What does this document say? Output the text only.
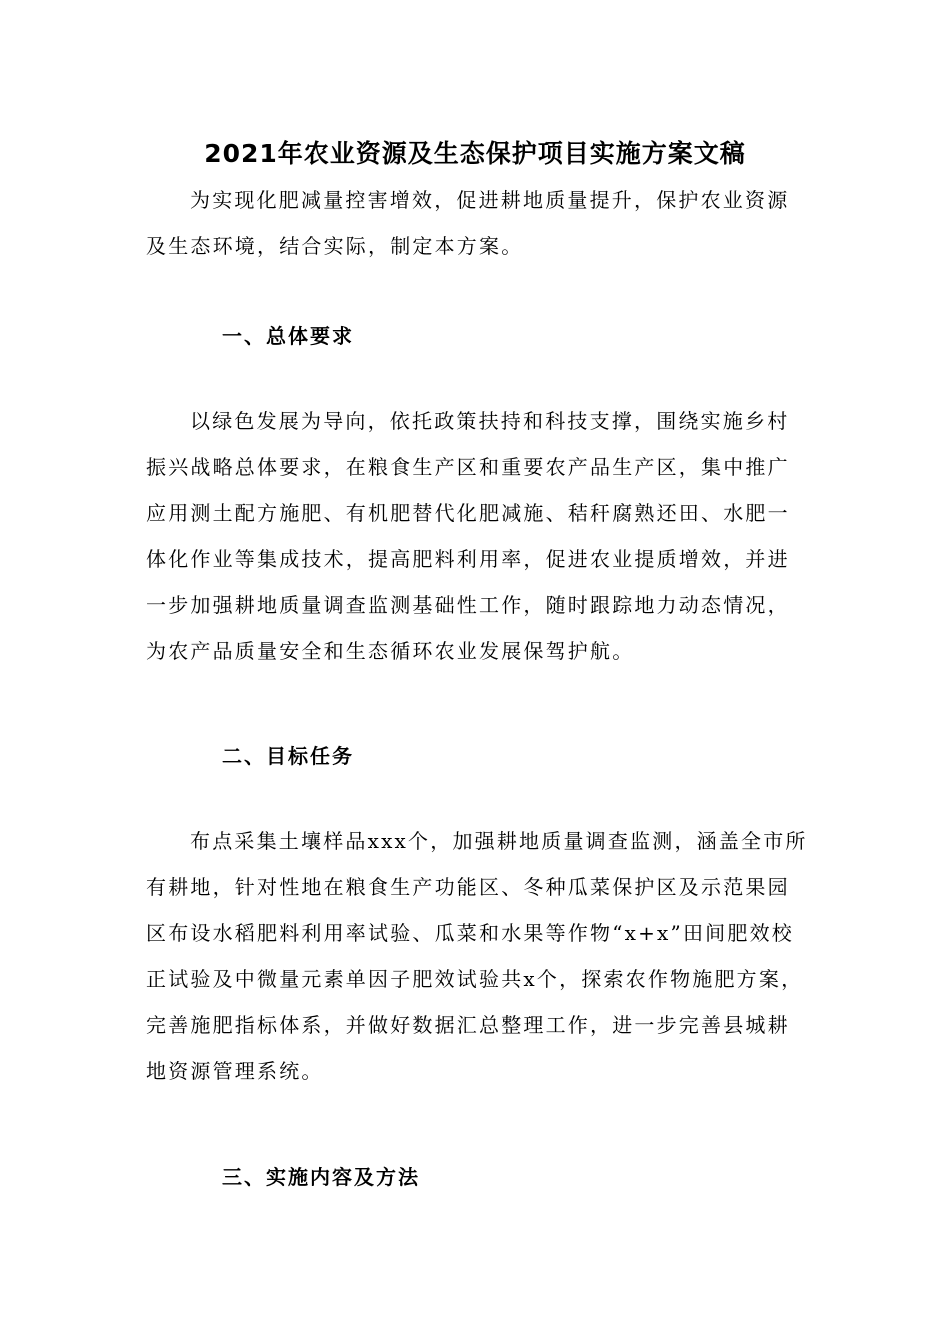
2021年农业资源及生态保护项目实施方案文稿

为实现化肥减量控害增效，促进耕地质量提升，保护农业资源及生态环境，结合实际，制定本方案。

一、总体要求

以绿色发展为导向，依托政策扶持和科技支撑，围绕实施乡村振兴战略总体要求，在粮食生产区和重要农产品生产区，集中推广应用测土配方施肥、有机肥替代化肥减施、秸秆腐熟还田、水肥一体化作业等集成技术，提高肥料利用率，促进农业提质增效，并进一步加强耕地质量调查监测基础性工作，随时跟踪地力动态情况，为农产品质量安全和生态循环农业发展保驾护航。

二、目标任务

布点采集土壤样品xxx个，加强耕地质量调查监测，涵盖全市所有耕地，针对性地在粮食生产功能区、冬种瓜菜保护区及示范果园区布设水稻肥料利用率试验、瓜菜和水果等作物“x+x”田间肥效校正试验及中微量元素单因子肥效试验共x个，探索农作物施肥方案，完善施肥指标体系，并做好数据汇总整理工作，进一步完善县城耕地资源管理系统。

三、实施内容及方法
